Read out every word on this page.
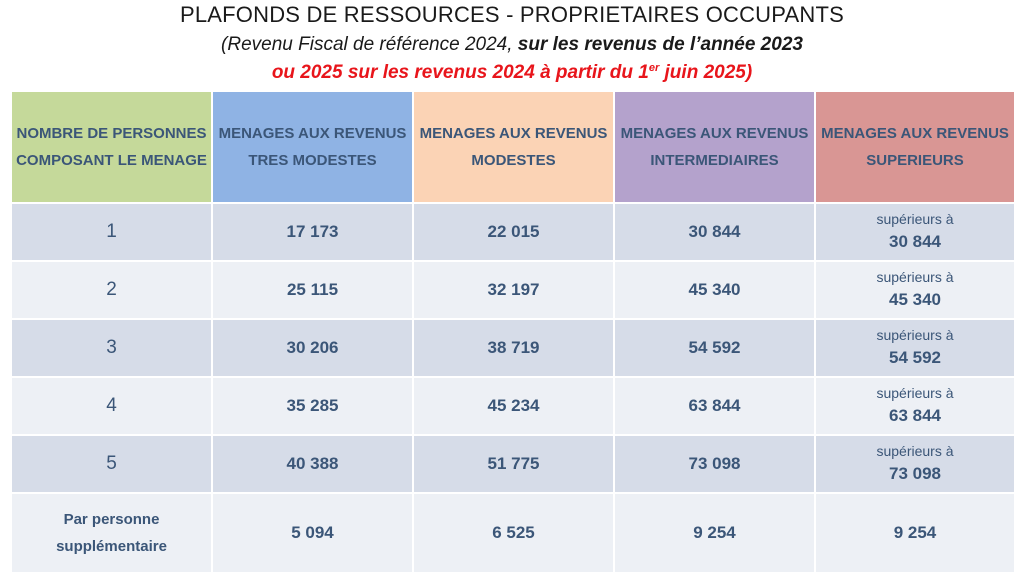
PLAFONDS DE RESSOURCES - PROPRIETAIRES OCCUPANTS
(Revenu Fiscal de référence 2024, sur les revenus de l’année 2023
ou 2025 sur les revenus 2024 à partir du 1er juin 2025)
NOMBRE DE PERSONNES COMPOSANT LE MENAGE	MENAGES AUX REVENUS TRES MODESTES	MENAGES AUX REVENUS MODESTES	MENAGES AUX REVENUS INTERMEDIAIRES	MENAGES AUX REVENUS SUPERIEURS
1	17 173	22 015	30 844	supérieurs à
30 844

2	25 115	32 197	45 340	supérieurs à
45 340

3	30 206	38 719	54 592	supérieurs à
54 592

4	35 285	45 234	63 844	supérieurs à
63 844

5	40 388	51 775	73 098	supérieurs à
73 098

Par personne supplémentaire	5 094	6 525	9 254	9 254
